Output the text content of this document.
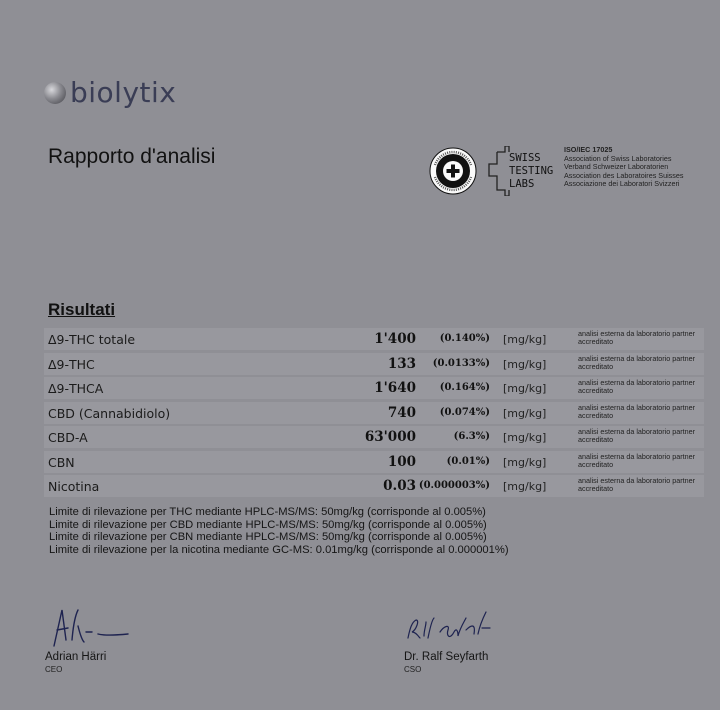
biolytix
Rapporto d'analisi	SWISS
TESTING
LABS
ISO/IEC 17025
Association of Swiss Laboratories
Verband Schweizer Laboratorien
Association des Laboratoires Suisses
Associazione dei Laboratori Svizzeri
Risultati
Δ9-THC totale	1'400 (0.140%) [mg/kg]	analisi esterna da laboratorio partner accreditato
Δ9-THC	133 (0.0133%) [mg/kg]	analisi esterna da laboratorio partner accreditato
Δ9-THCA	1'640 (0.164%) [mg/kg]	analisi esterna da laboratorio partner accreditato
CBD (Cannabidiolo)	740 (0.074%) [mg/kg]	analisi esterna da laboratorio partner accreditato
CBD-A	63'000	(6.3%) [mg/kg]	analisi esterna da laboratorio partner accreditato
CBN	100	(0.01%) [mg/kg]	analisi esterna da laboratorio partner accreditato
Nicotina	0.03 (0.000003%) [mg/kg]	analisi esterna da laboratorio partner accreditato
Limite di rilevazione per THC mediante HPLC-MS/MS: 50mg/kg (corrisponde al 0.005%)
Limite di rilevazione per CBD mediante HPLC-MS/MS: 50mg/kg (corrisponde al 0.005%)
Limite di rilevazione per CBN mediante HPLC-MS/MS: 50mg/kg (corrisponde al 0.005%)
Limite di rilevazione per la nicotina mediante GC-MS: 0.01mg/kg (corrisponde al 0.000001%)
Adrian Härri
CEO
Dr. Ralf Seyfarth
CSO
